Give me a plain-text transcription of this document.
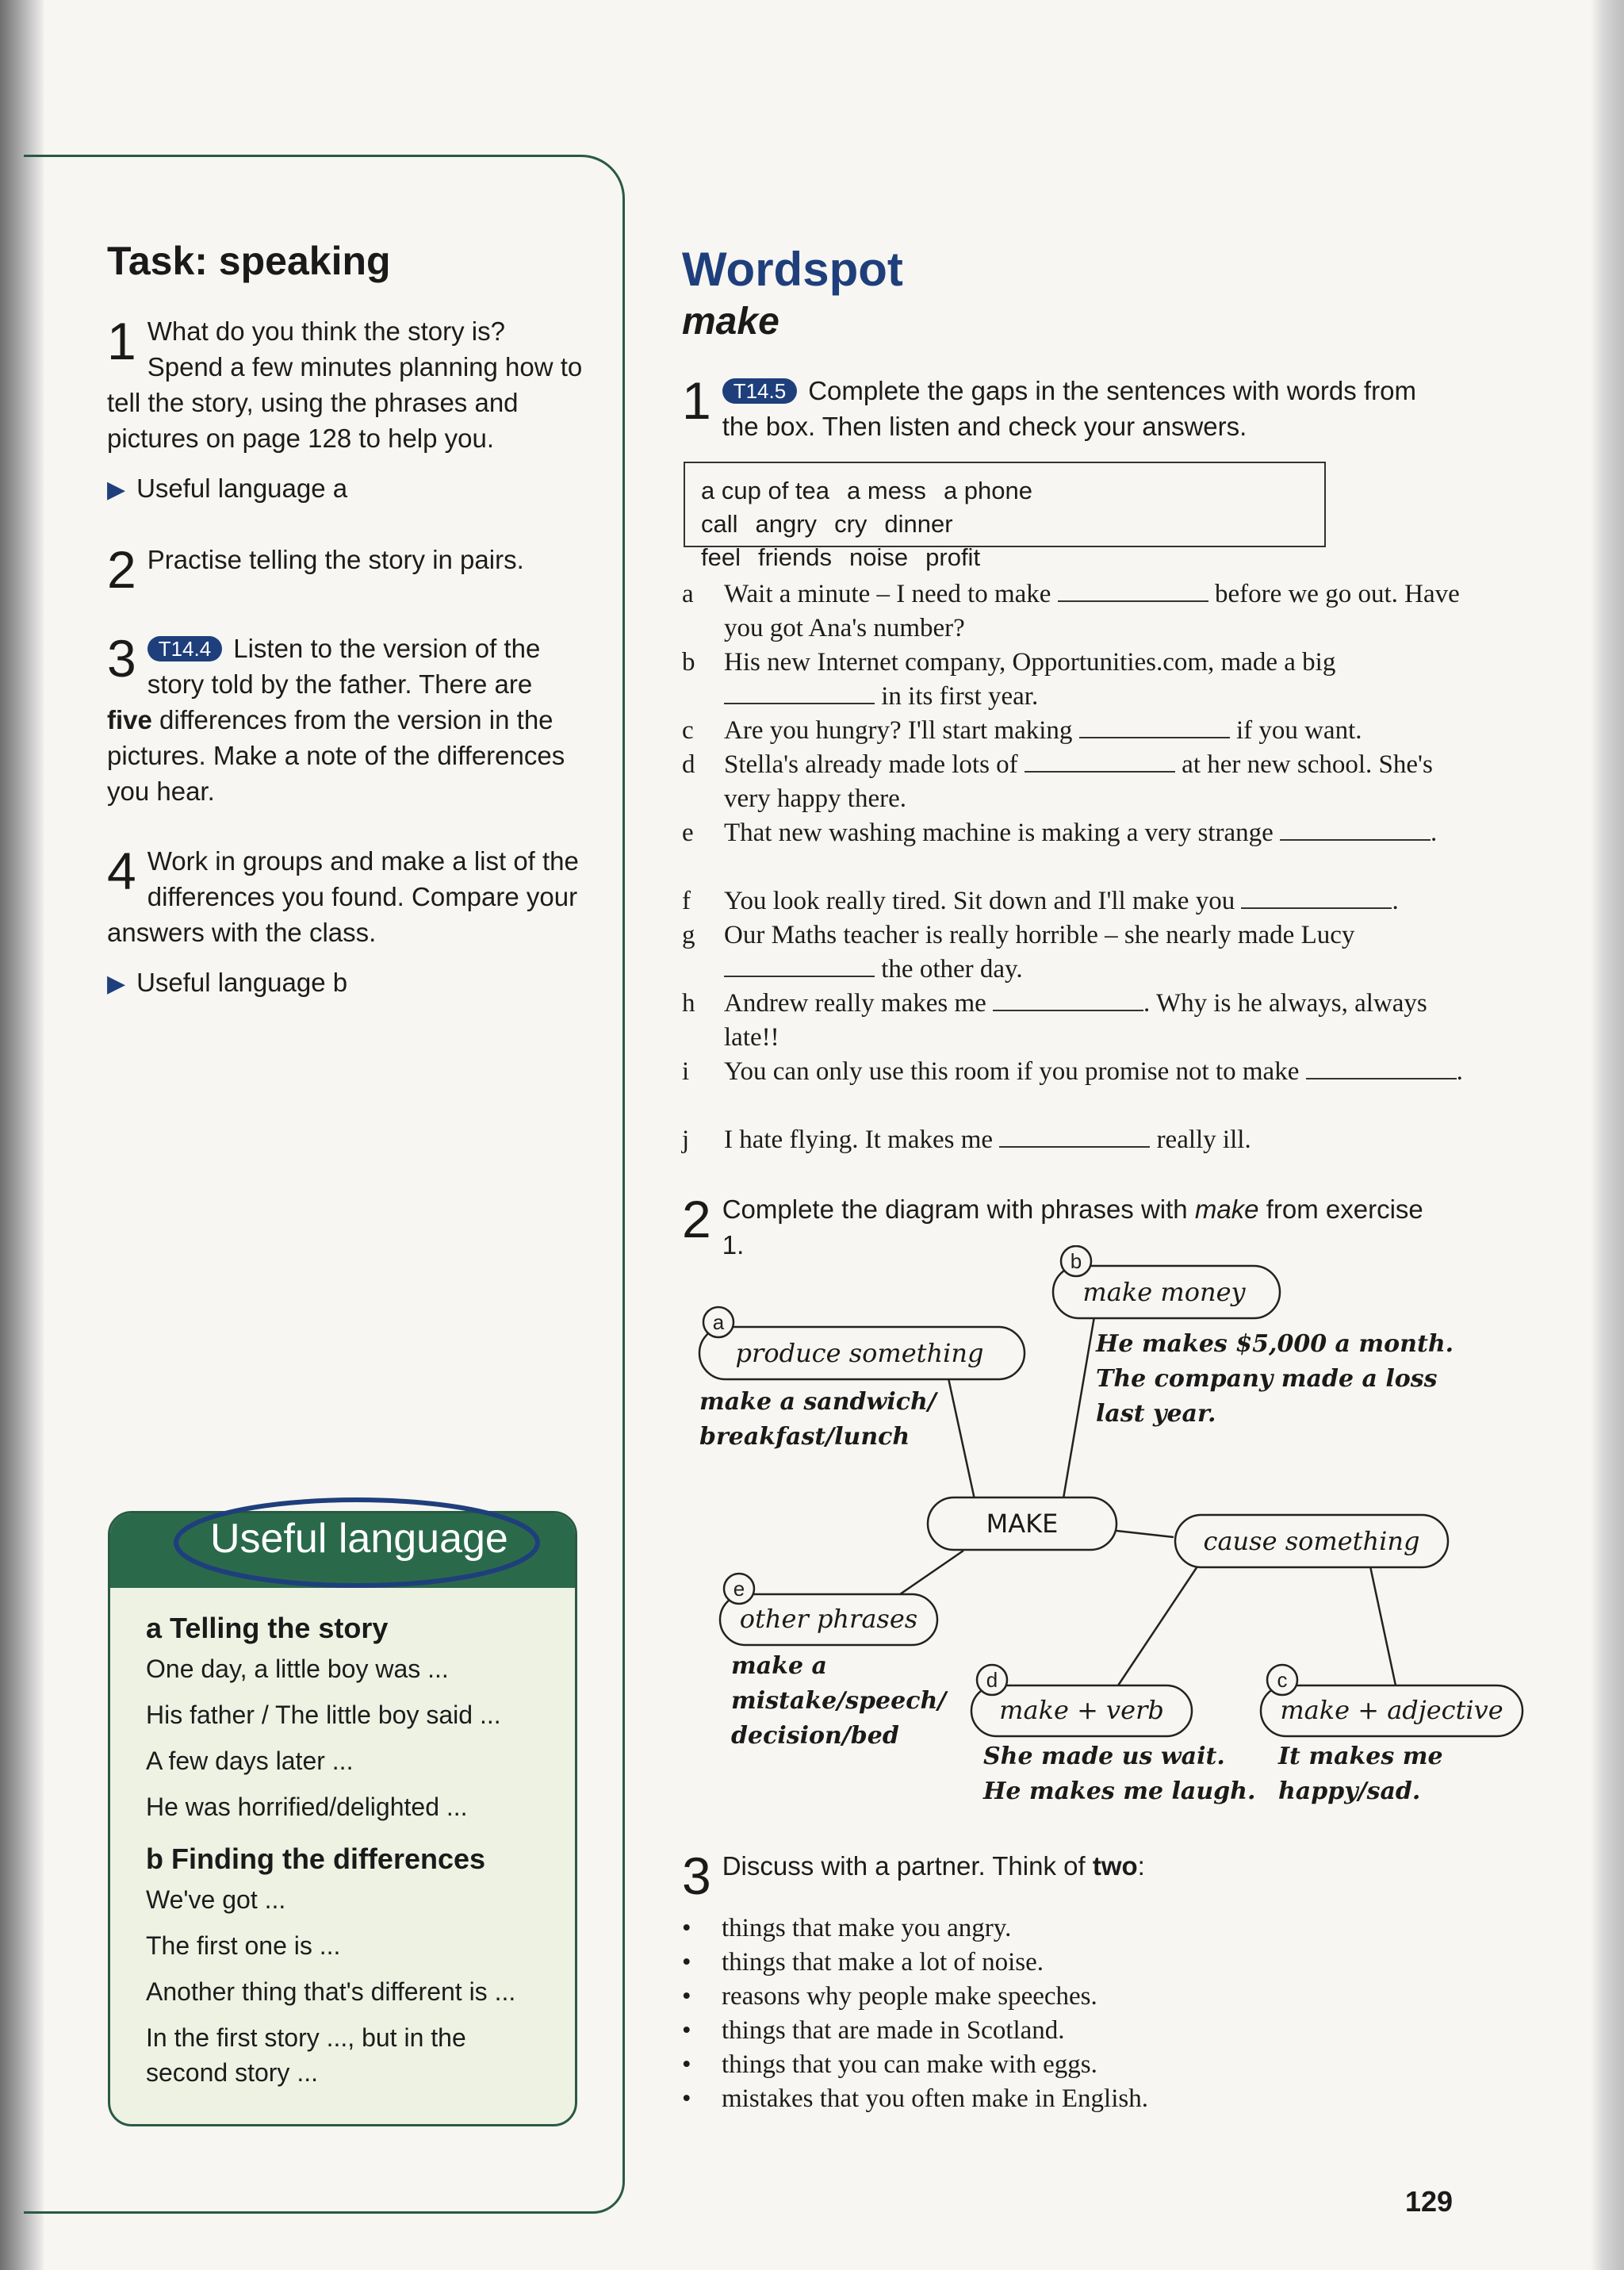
Task: speaking
1 What do you think the story is? Spend a few minutes planning how to tell the story, using the phrases and pictures on page 128 to help you.
▶ Useful language a
2 Practise telling the story in pairs.
3 T14.4 Listen to the version of the story told by the father. There are five differences from the version in the pictures. Make a note of the differences you hear.
4 Work in groups and make a list of the differences you found. Compare your answers with the class.
▶ Useful language b
Useful language
a Telling the story
One day, a little boy was ...
His father / The little boy said ...
A few days later ...
He was horrified/delighted ...
b Finding the differences
We've got ...
The first one is ...
Another thing that's different is ...
In the first story ..., but in the second story ...
Wordspot
make
1 T14.5 Complete the gaps in the sentences with words from the box. Then listen and check your answers.
a cup of tea a mess a phone call angry cry dinner
feel friends noise profit
a Wait a minute – I need to make	before we go out. Have you got Ana's number?
b His new Internet company, Opportunities.com, made a big  in its first year.
c Are you hungry? I'll start making	if you want.
d Stella's already made lots of	at her new school. She's very happy there.
e That new washing machine is making a very strange	.
f You look really tired. Sit down and I'll make you	.
g Our Maths teacher is really horrible – she nearly made Lucy  the other day.
h Andrew really makes me	. Why is he always, always late!!
i You can only use this room if you promise not to make	.
j I hate flying. It makes me	really ill.
2 Complete the diagram with phrases with make from exercise 1.
a
b
e
d	c
produce something
make money
MAKE
cause something
other phrases
make + verb	make + adjective
make a sandwich/
breakfast/lunch
He makes $5,000 a month.
The company made a loss
last year.
make a
mistake/speech/
decision/bed
She made us wait.
He makes me laugh.
It makes me
happy/sad.
3 Discuss with a partner. Think of two:
• things that make you angry.
• things that make a lot of noise.
• reasons why people make speeches.
• things that are made in Scotland.
• things that you can make with eggs.
• mistakes that you often make in English.
129
